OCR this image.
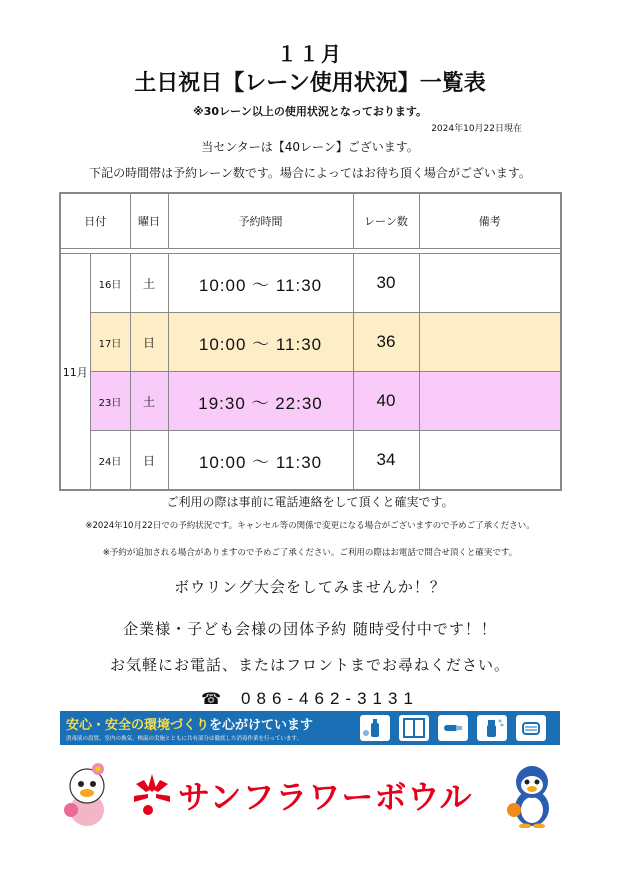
１１月
土日祝日【レーン使用状況】一覧表
※30レーン以上の使用状況となっております。
2024年10月22日現在
当センターは【40レーン】ございます。
下記の時間帯は予約レーン数です。場合によってはお待ち頂く場合がございます。
日付		曜日	予約時間	レーン数	備考

11月	16日	土	10:00 ～ 11:30	30	
	17日	日	10:00 ～ 11:30	36	
	23日	土	19:30 ～ 22:30	40	
	24日	日	10:00 ～ 11:30	34	
ご利用の際は事前に電話連絡をして頂くと確実です。
※2024年10月22日での予約状況です。キャンセル等の関係で変更になる場合がございますので予めご了承ください。
※予約が追加される場合がありますので予めご了承ください。ご利用の際はお電話で問合せ頂くと確実です。
ボウリング大会をしてみませんか！？
企業様・子ども会様の団体予約 随時受付中です！！
お気軽にお電話、またはフロントまでお尋ねください。
☎ 086-462-3131
安心・安全の環境づくりを心がけています
消毒液の設置、室内の換気、検温の実施とともに共有部分は徹底した消毒作業を行っています。
サンフラワーボウル
